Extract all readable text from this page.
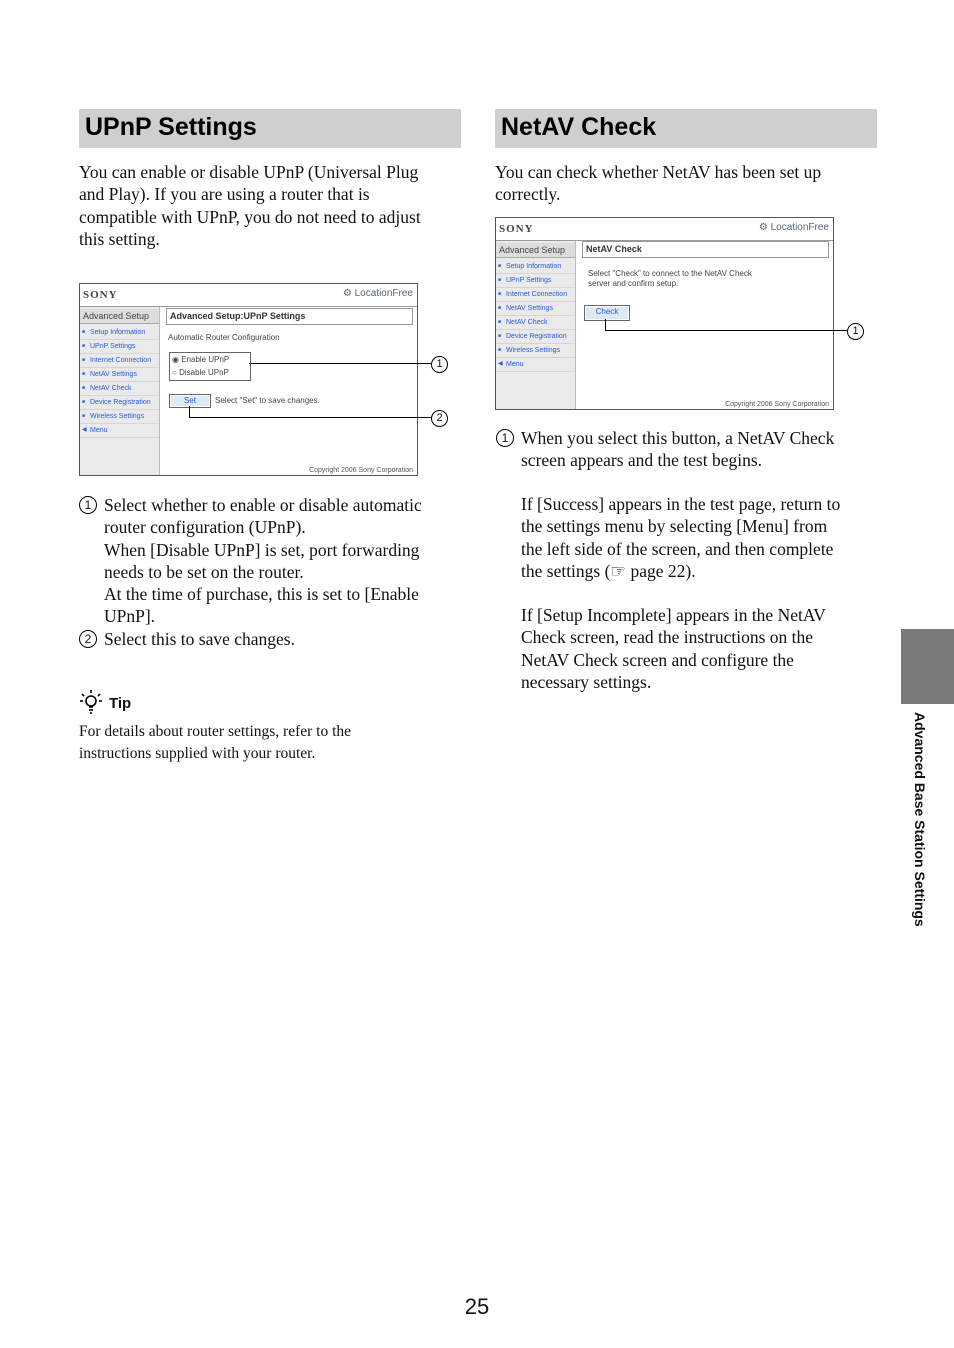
UPnP Settings
You can enable or disable UPnP (Universal Plug
and Play). If you are using a router that is
compatible with UPnP, you do not need to adjust
this setting.
SONY	⚙ LocationFree
Advanced Setup
■ Setup Information
■ UPnP Settings
■ Internet Connection
■ NetAV Settings
■ NetAV Check
■ Device Registration
■ Wireless Settings
◀ Menu
Advanced Setup:UPnP Settings
Automatic Router Configuration
◉ Enable UPnP
○ Disable UPnP
Set	Select "Set" to save changes.
Copyright 2006 Sony Corporation
1
2
1 Select whether to enable or disable automatic
router configuration (UPnP).
When [Disable UPnP] is set, port forwarding
needs to be set on the router.
At the time of purchase, this is set to [Enable
UPnP].
2 Select this to save changes.
Tip
For details about router settings, refer to the
instructions supplied with your router.
NetAV Check
You can check whether NetAV has been set up
correctly.
SONY	⚙ LocationFree
Advanced Setup
■ Setup Information
■ UPnP Settings
■ Internet Connection
■ NetAV Settings
■ NetAV Check
■ Device Registration
■ Wireless Settings
◀ Menu
NetAV Check
Select "Check" to connect to the NetAV Check
server and confirm setup.
Check
Copyright 2006 Sony Corporation
1
1 When you select this button, a NetAV Check
screen appears and the test begins.
If [Success] appears in the test page, return to
the settings menu by selecting [Menu] from
the left side of the screen, and then complete
the settings (☞ page 22).
If [Setup Incomplete] appears in the NetAV
Check screen, read the instructions on the
NetAV Check screen and configure the
necessary settings.
Advanced Base Station Settings
25
